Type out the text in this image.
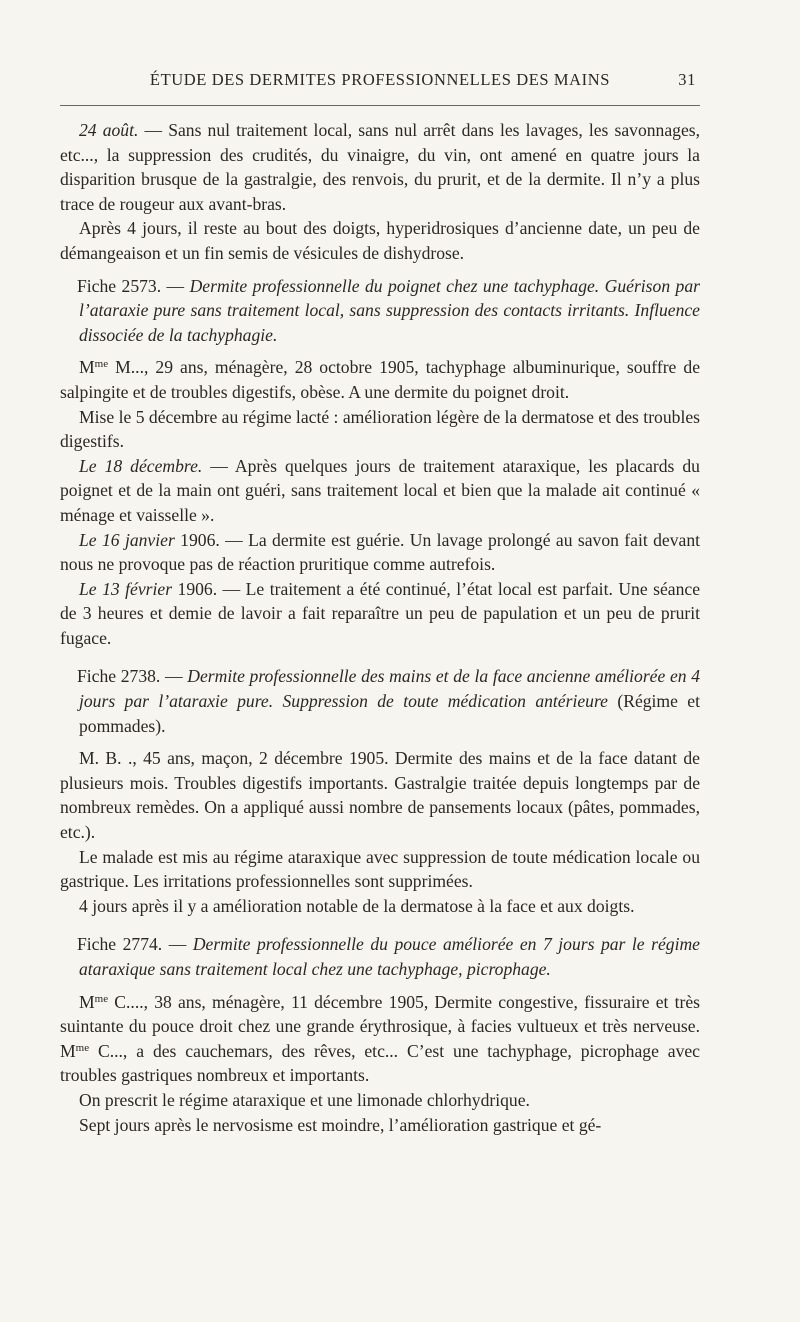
ÉTUDE DES DERMITES PROFESSIONNELLES DES MAINS	31

24 août. — Sans nul traitement local, sans nul arrêt dans les lavages, les savonnages, etc..., la suppression des crudités, du vinaigre, du vin, ont amené en quatre jours la disparition brusque de la gastralgie, des renvois, du prurit, et de la dermite. Il n’y a plus trace de rougeur aux avant-bras.

Après 4 jours, il reste au bout des doigts, hyperidrosiques d’ancienne date, un peu de démangeaison et un fin semis de vésicules de dishydrose.

Fiche 2573. — Dermite professionnelle du poignet chez une tachyphage. Guérison par l’ataraxie pure sans traitement local, sans suppression des contacts irritants. Influence dissociée de la tachyphagie.

$M^{me}$ M..., 29 ans, ménagère, 28 octobre 1905, tachyphage albuminurique, souffre de salpingite et de troubles digestifs, obèse. A une dermite du poignet droit.

Mise le 5 décembre au régime lacté : amélioration légère de la dermatose et des troubles digestifs.

Le 18 décembre. — Après quelques jours de traitement ataraxique, les placards du poignet et de la main ont guéri, sans traitement local et bien que la malade ait continué « ménage et vaisselle ».

Le 16 janvier 1906. — La dermite est guérie. Un lavage prolongé au savon fait devant nous ne provoque pas de réaction pruritique comme autrefois.

Le 13 février 1906. — Le traitement a été continué, l’état local est parfait. Une séance de 3 heures et demie de lavoir a fait reparaître un peu de papulation et un peu de prurit fugace.

Fiche 2738. — Dermite professionnelle des mains et de la face ancienne améliorée en 4 jours par l’ataraxie pure. Suppression de toute médication antérieure (Régime et pommades).

M. B. ., 45 ans, maçon, 2 décembre 1905. Dermite des mains et de la face datant de plusieurs mois. Troubles digestifs importants. Gastralgie traitée depuis longtemps par de nombreux remèdes. On a appliqué aussi nombre de pansements locaux (pâtes, pommades, etc.).

Le malade est mis au régime ataraxique avec suppression de toute médication locale ou gastrique. Les irritations professionnelles sont supprimées.

4 jours après il y a amélioration notable de la dermatose à la face et aux doigts.

Fiche 2774. — Dermite professionnelle du pouce améliorée en 7 jours par le régime ataraxique sans traitement local chez une tachyphage, picrophage.

$M^{me}$ C...., 38 ans, ménagère, 11 décembre 1905, Dermite congestive, fissuraire et très suintante du pouce droit chez une grande érythrosique, à facies vultueux et très nerveuse. $M^{me}$ C..., a des cauchemars, des rêves, etc... C’est une tachyphage, picrophage avec troubles gastriques nombreux et importants.

On prescrit le régime ataraxique et une limonade chlorhydrique.

Sept jours après le nervosisme est moindre, l’amélioration gastrique et gé-
